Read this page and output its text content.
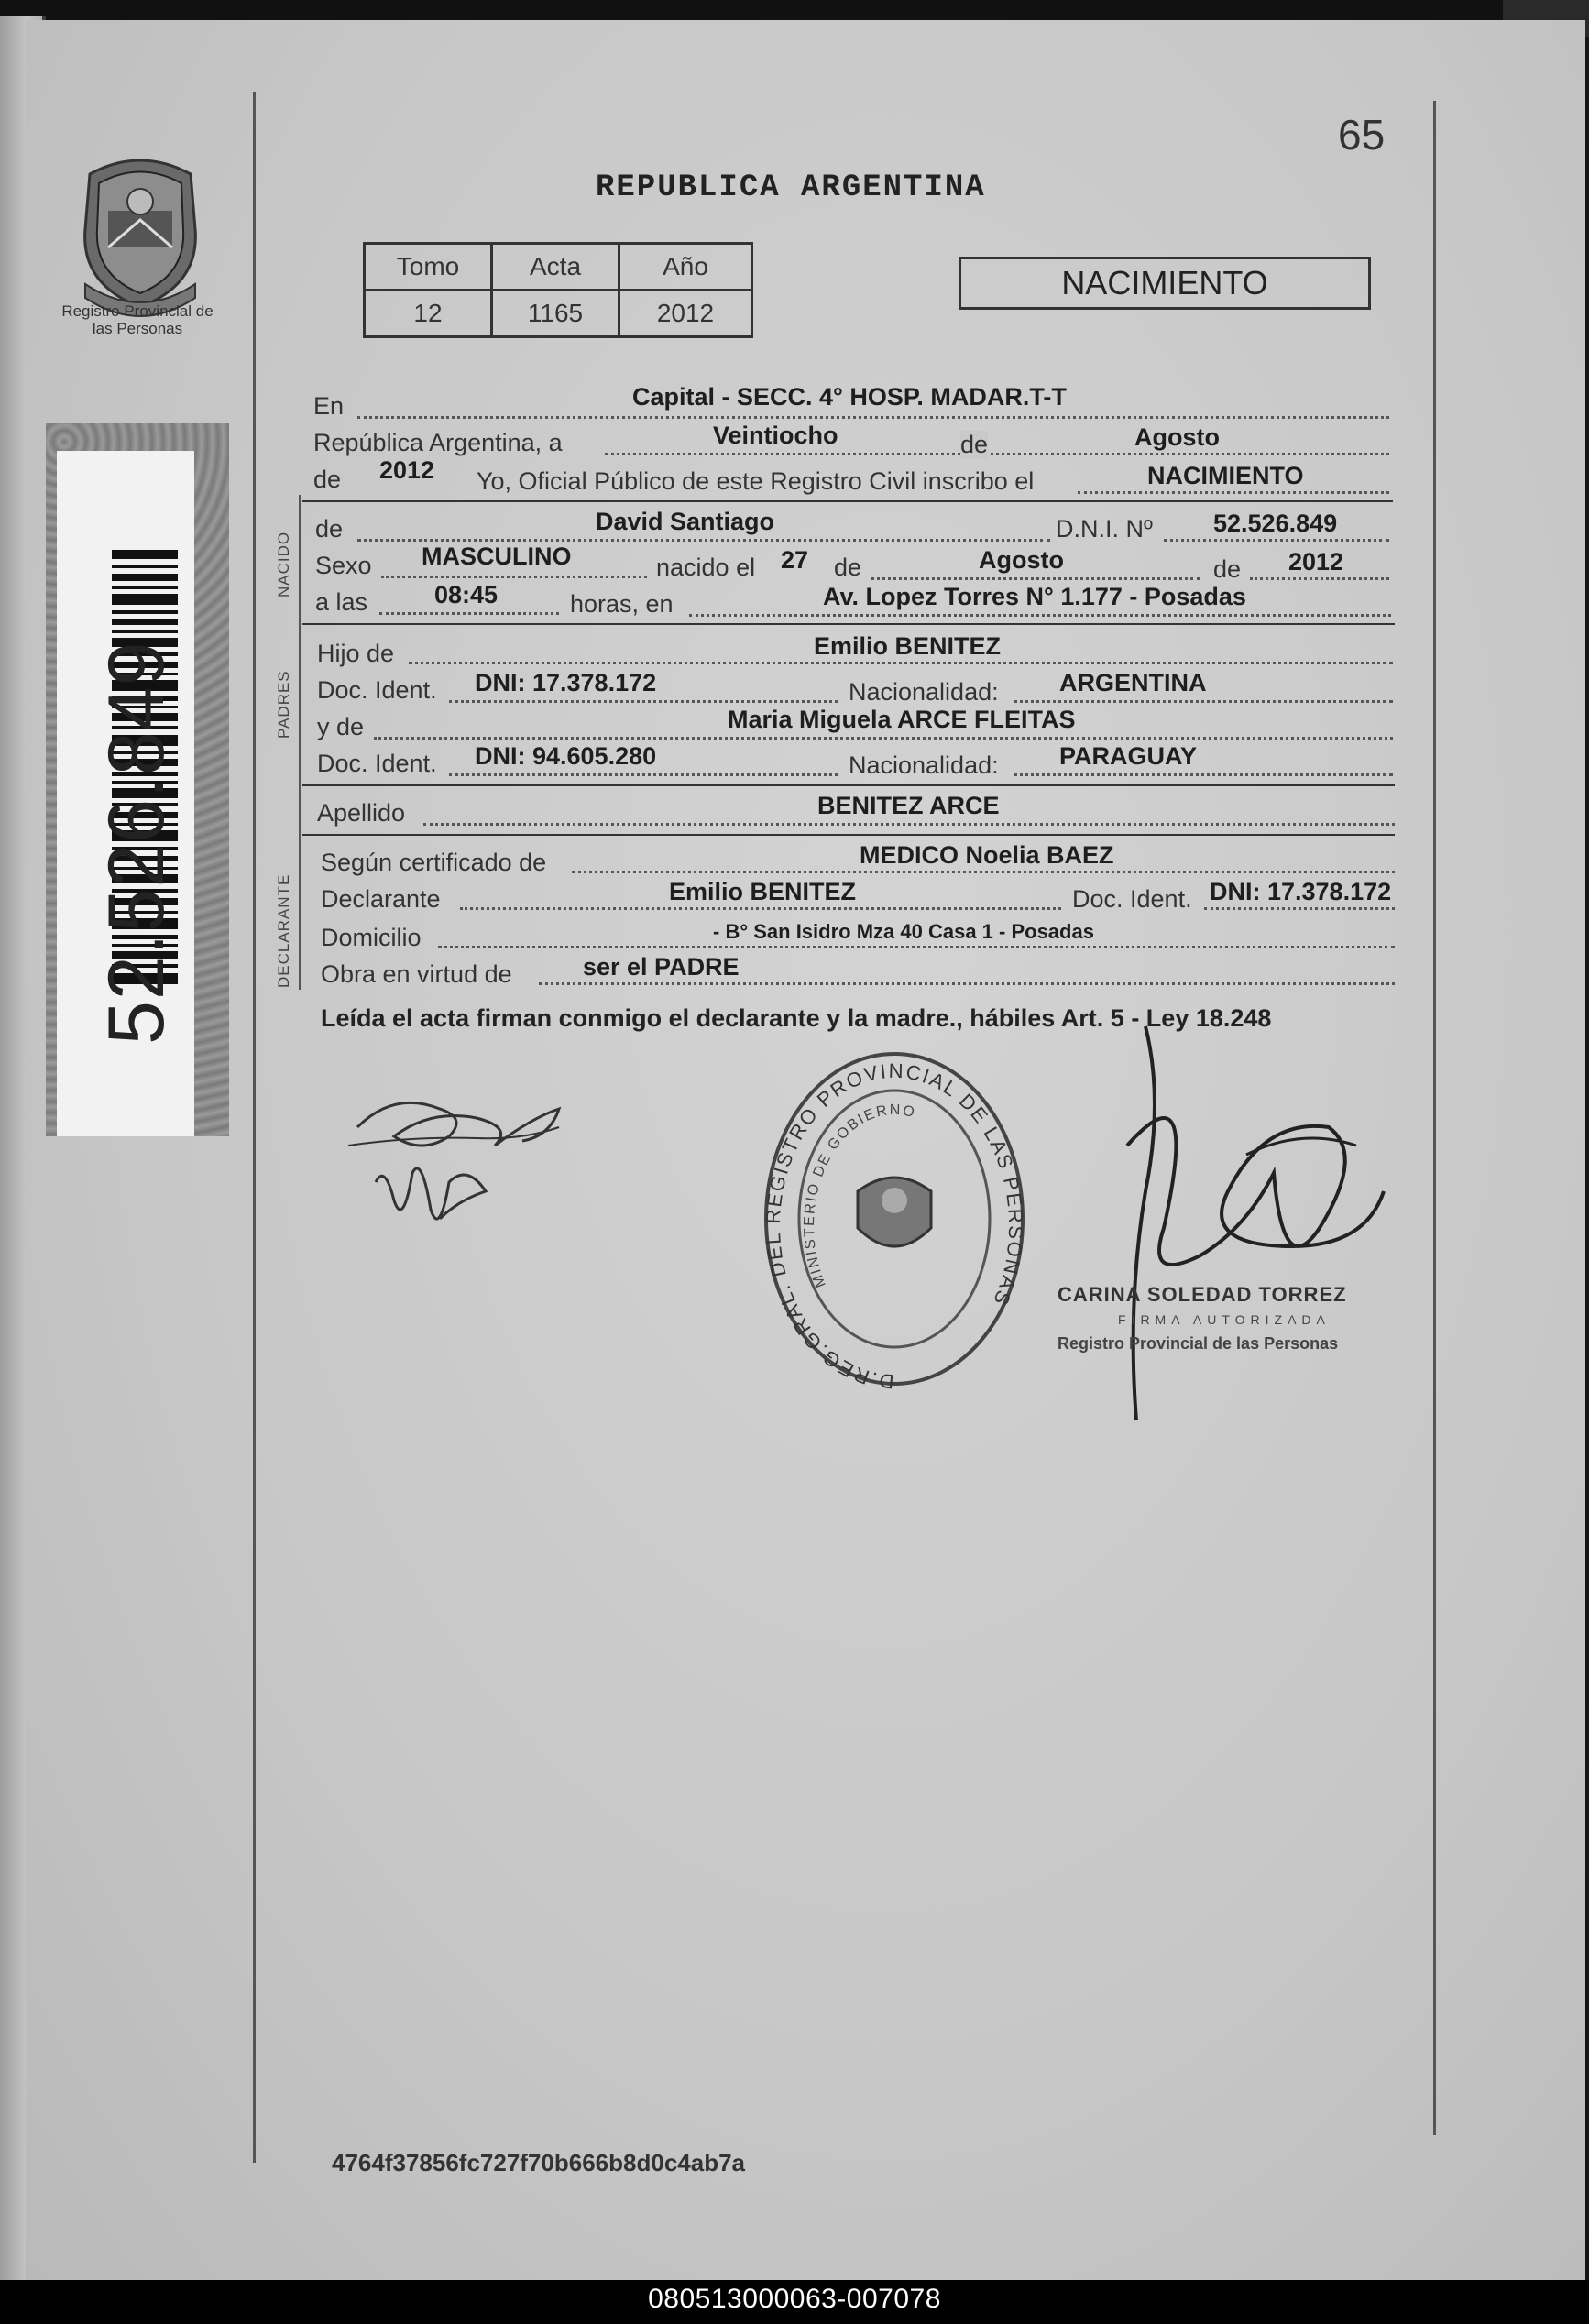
Registro Provincial de las Personas
52.526.849
65
REPUBLICA ARGENTINA
Tomo	Acta	Año
12	1165	2012
NACIMIENTO
NACIDO
PADRES
DECLARANTE
En	Capital - SECC. 4° HOSP. MADAR.T-T
República Argentina, a	Veintiocho	de	Agosto
de 2012 Yo, Oficial Público de este Registro Civil inscribo el	NACIMIENTO
de	David Santiago	D.N.I. Nº 52.526.849
Sexo MASCULINO	nacido el 27 de	Agosto	de 2012
a las	08:45	horas, en	Av. Lopez Torres N° 1.177 - Posadas
Hijo de	Emilio BENITEZ
Doc. Ident. DNI: 17.378.172	Nacionalidad: ARGENTINA
y de	Maria Miguela ARCE FLEITAS
Doc. Ident. DNI: 94.605.280	Nacionalidad: PARAGUAY
Apellido	BENITEZ ARCE
Según certificado de	MEDICO Noelia BAEZ
Declarante	Emilio BENITEZ	Doc. Ident. DNI: 17.378.172
Domicilio	- B° San Isidro Mza 40 Casa 1 - Posadas
Obra en virtud de	ser el PADRE
Leída el acta firman conmigo el declarante y la madre., hábiles Art. 5 - Ley 18.248
D.REG.GRAL. DEL REGISTRO PROVINCIAL DE LAS PERSONAS
MINISTERIO DE GOBIERNO
CARINA SOLEDAD TORREZ
FIRMA AUTORIZADA
Registro Provincial de las Personas
4764f37856fc727f70b666b8d0c4ab7a
080513000063-007078
